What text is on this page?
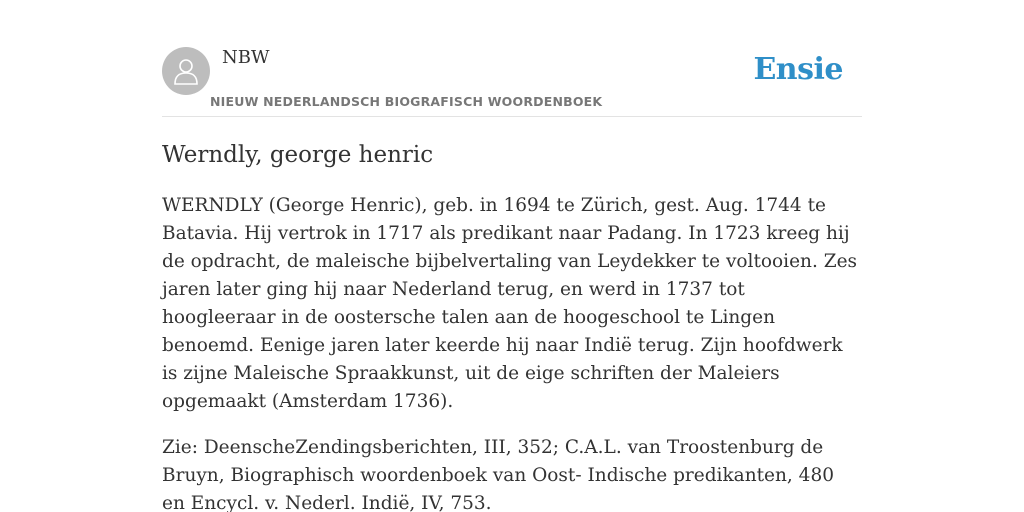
NBW
NIEUW NEDERLANDSCH BIOGRAFISCH WOORDENBOEK
Ensie
Werndly, george henric

WERNDLY (George Henric), geb. in 1694 te Zürich, gest. Aug. 1744 te Batavia. Hij vertrok in 1717 als predikant naar Padang. In 1723 kreeg hij de opdracht, de maleische bijbelvertaling van Leydekker te voltooien. Zes jaren later ging hij naar Nederland terug, en werd in 1737 tot hoogleeraar in de oostersche talen aan de hoogeschool te Lingen benoemd. Eenige jaren later keerde hij naar Indië terug. Zijn hoofdwerk is zijne Maleische Spraakkunst, uit de eige schriften der Maleiers opgemaakt (Amsterdam 1736).

Zie: DeenscheZendingsberichten, III, 352; C.A.L. van Troostenburg de Bruyn, Biographisch woordenboek van Oost- Indische predikanten, 480 en Encycl. v. Nederl. Indië, IV, 753.
